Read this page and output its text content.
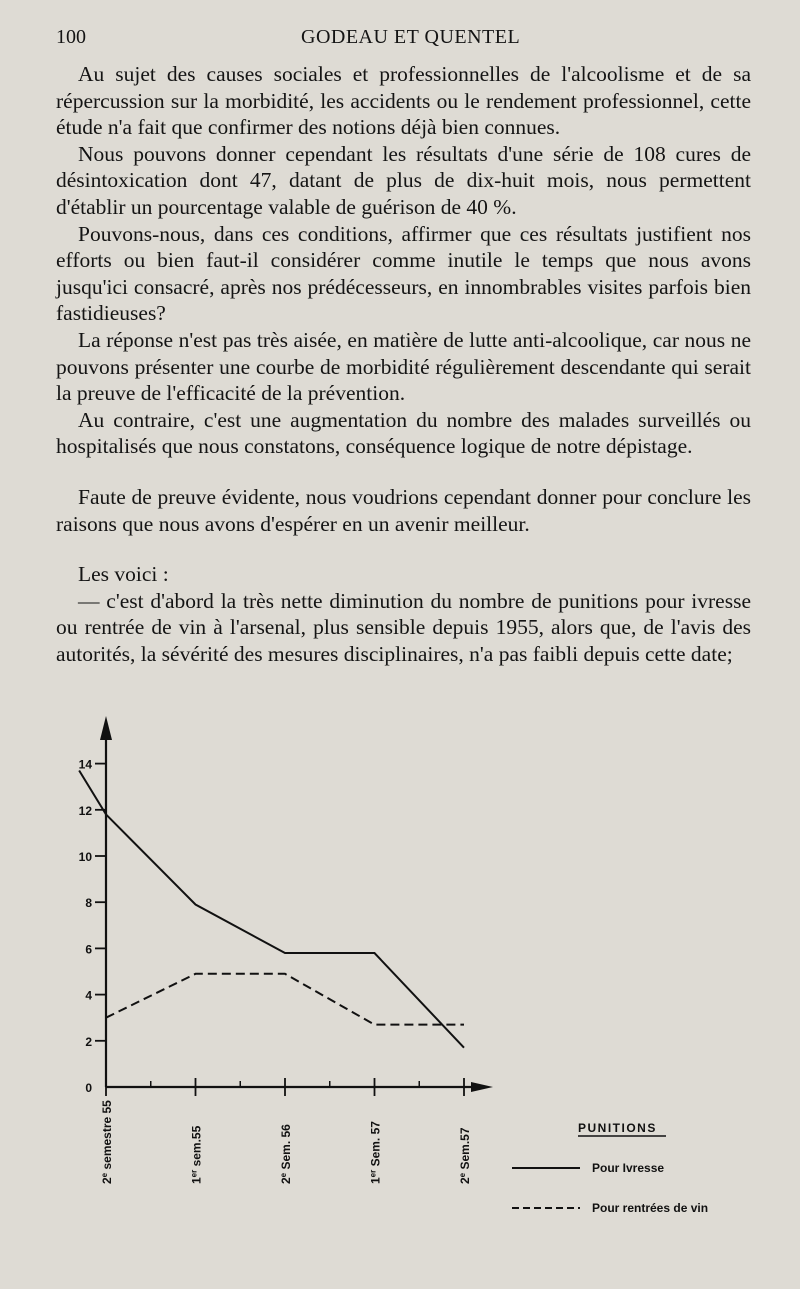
100	GODEAU ET QUENTEL

Au sujet des causes sociales et professionnelles de l'alcoolisme et de sa répercussion sur la morbidité, les accidents ou le rendement professionnel, cette étude n'a fait que confirmer des notions déjà bien connues.

Nous pouvons donner cependant les résultats d'une série de 108 cures de désintoxication dont 47, datant de plus de dix-huit mois, nous permettent d'établir un pourcentage valable de guérison de 40 %.

Pouvons-nous, dans ces conditions, affirmer que ces résultats justifient nos efforts ou bien faut-il considérer comme inutile le temps que nous avons jusqu'ici consacré, après nos prédécesseurs, en innombrables visites parfois bien fastidieuses?

La réponse n'est pas très aisée, en matière de lutte anti-alcoolique, car nous ne pouvons présenter une courbe de morbidité régulièrement descendante qui serait la preuve de l'efficacité de la prévention.

Au contraire, c'est une augmentation du nombre des malades surveillés ou hospitalisés que nous constatons, conséquence logique de notre dépistage.

Faute de preuve évidente, nous voudrions cependant donner pour conclure les raisons que nous avons d'espérer en un avenir meilleur.

Les voici :

— c'est d'abord la très nette diminution du nombre de punitions pour ivresse ou rentrée de vin à l'arsenal, plus sensible depuis 1955, alors que, de l'avis des autorités, la sévérité des mesures disciplinaires, n'a pas faibli depuis cette date;

0
2
4
6
8
10
12
14
2e semestre 55
1er sem.55
2e Sem. 56
1er Sem. 57
2e Sem.57	PUNITIONS
Pour Ivresse
Pour rentrées de vin
